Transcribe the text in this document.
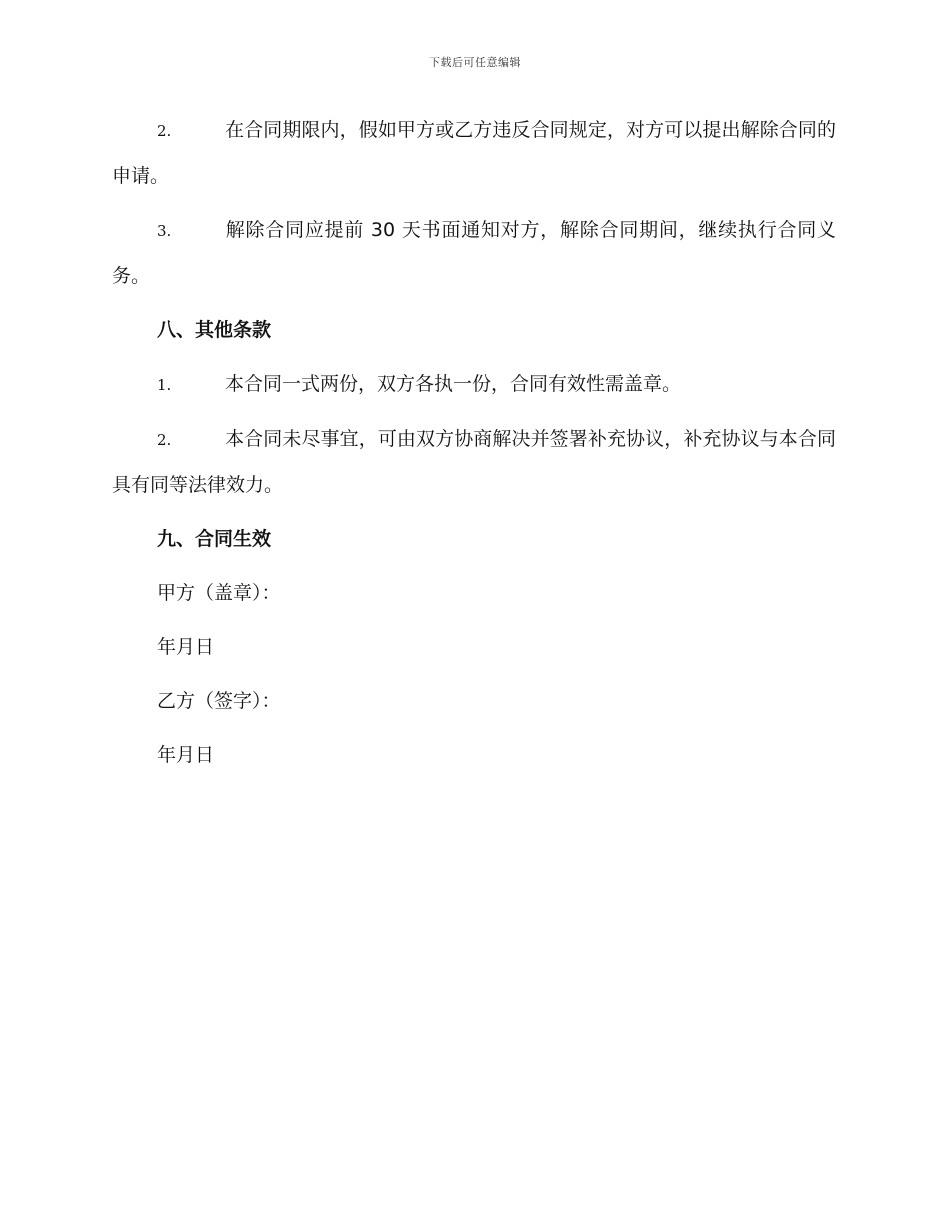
下载后可任意编辑

2.	在合同期限内，假如甲方或乙方违反合同规定，对方可以提出解除合同的申请。

3.	解除合同应提前 30 天书面通知对方，解除合同期间，继续执行合同义务。

八、其他条款

1.	本合同一式两份，双方各执一份，合同有效性需盖章。

2.	本合同未尽事宜，可由双方协商解决并签署补充协议，补充协议与本合同具有同等法律效力。

九、合同生效
甲方（盖章）：
年月日
乙方（签字）：
年月日
